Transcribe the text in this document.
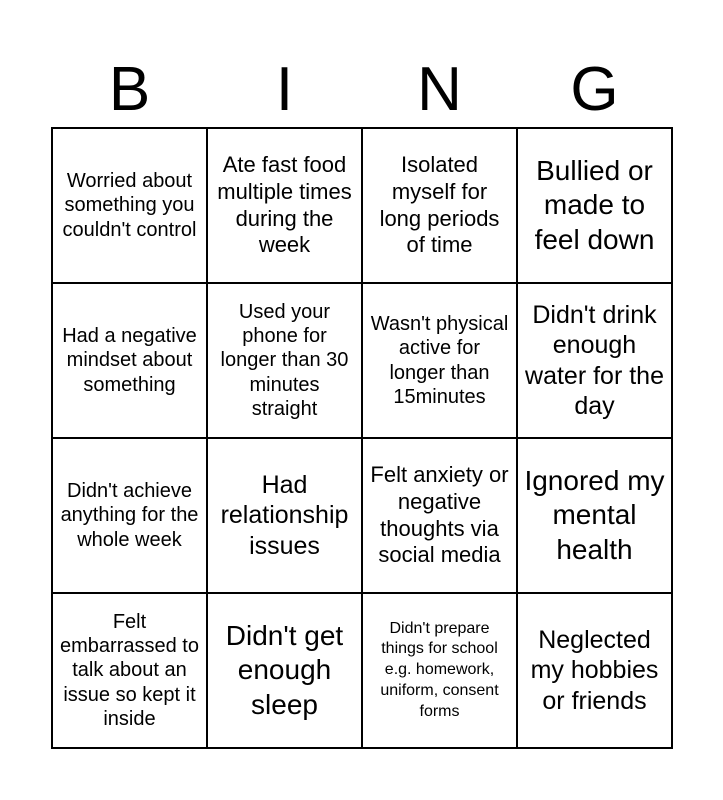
B	I	N	G
Worried about something you couldn't control	Ate fast food multiple times during the week	Isolated myself for long periods of time	Bullied or made to feel down
Had a negative mindset about something	Used your phone for longer than 30 minutes straight	Wasn't physical active for longer than 15minutes	Didn't drink enough water for the day
Didn't achieve anything for the whole week	Had relationship issues	Felt anxiety or negative thoughts via social media	Ignored my mental health
Felt embarrassed to talk about an issue so kept it inside	Didn't get enough sleep	Didn't prepare things for school e.g. homework, uniform, consent forms	Neglected my hobbies or friends
